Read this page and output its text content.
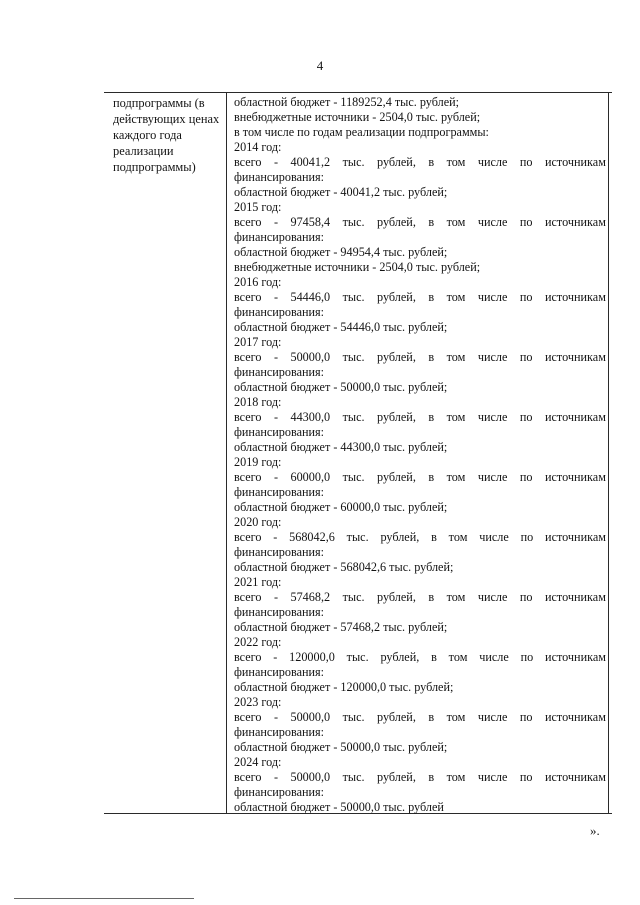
4
подпрограммы (в
действующих ценах
каждого года
реализации
подпрограммы)
областной бюджет - 1189252,4 тыс. рублей;
внебюджетные источники - 2504,0 тыс. рублей;
в том числе по годам реализации подпрограммы:
2014 год:
всего - 40041,2 тыс. рублей, в том числе по источникам
финансирования:
областной бюджет - 40041,2 тыс. рублей;
2015 год:
всего - 97458,4 тыс. рублей, в том числе по источникам
финансирования:
областной бюджет - 94954,4 тыс. рублей;
внебюджетные источники - 2504,0 тыс. рублей;
2016 год:
всего - 54446,0 тыс. рублей, в том числе по источникам
финансирования:
областной бюджет - 54446,0 тыс. рублей;
2017 год:
всего - 50000,0 тыс. рублей, в том числе по источникам
финансирования:
областной бюджет - 50000,0 тыс. рублей;
2018 год:
всего - 44300,0 тыс. рублей, в том числе по источникам
финансирования:
областной бюджет - 44300,0 тыс. рублей;
2019 год:
всего - 60000,0 тыс. рублей, в том числе по источникам
финансирования:
областной бюджет - 60000,0 тыс. рублей;
2020 год:
всего - 568042,6 тыс. рублей, в том числе по источникам
финансирования:
областной бюджет - 568042,6 тыс. рублей;
2021 год:
всего - 57468,2 тыс. рублей, в том числе по источникам
финансирования:
областной бюджет - 57468,2 тыс. рублей;
2022 год:
всего - 120000,0 тыс. рублей, в том числе по источникам
финансирования:
областной бюджет - 120000,0 тыс. рублей;
2023 год:
всего - 50000,0 тыс. рублей, в том числе по источникам
финансирования:
областной бюджет - 50000,0 тыс. рублей;
2024 год:
всего - 50000,0 тыс. рублей, в том числе по источникам
финансирования:
областной бюджет - 50000,0 тыс. рублей
».
